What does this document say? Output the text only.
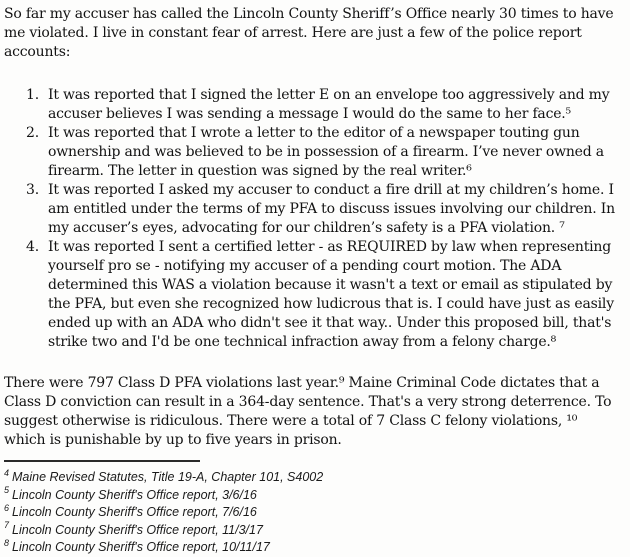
So far my accuser has called the Lincoln County Sheriff’s Office nearly 30 times to have me violated. I live in constant fear of arrest. Here are just a few of the police report accounts:
1. It was reported that I signed the letter E on an envelope too aggressively and my accuser believes I was sending a message I would do the same to her face.⁵
2. It was reported that I wrote a letter to the editor of a newspaper touting gun ownership and was believed to be in possession of a firearm. I’ve never owned a firearm. The letter in question was signed by the real writer.⁶
3. It was reported I asked my accuser to conduct a fire drill at my children’s home. I am entitled under the terms of my PFA to discuss issues involving our children. In my accuser’s eyes, advocating for our children’s safety is a PFA violation. ⁷
4. It was reported I sent a certified letter - as REQUIRED by law when representing yourself pro se - notifying my accuser of a pending court motion. The ADA determined this WAS a violation because it wasn't a text or email as stipulated by the PFA, but even she recognized how ludicrous that is. I could have just as easily ended up with an ADA who didn't see it that way.. Under this proposed bill, that's strike two and I'd be one technical infraction away from a felony charge.⁸
There were 797 Class D PFA violations last year.⁹ Maine Criminal Code dictates that a Class D conviction can result in a 364-day sentence. That's a very strong deterrence. To suggest otherwise is ridiculous. There were a total of 7 Class C felony violations, ¹⁰ which is punishable by up to five years in prison.
$^4$ Maine Revised Statutes, Title 19-A, Chapter 101, S4002
$^5$ Lincoln County Sheriff's Office report, 3/6/16
$^6$ Lincoln County Sheriff's Office report, 7/6/16
$^7$ Lincoln County Sheriff's Office report, 11/3/17
$^8$ Lincoln County Sheriff's Office report, 10/11/17
